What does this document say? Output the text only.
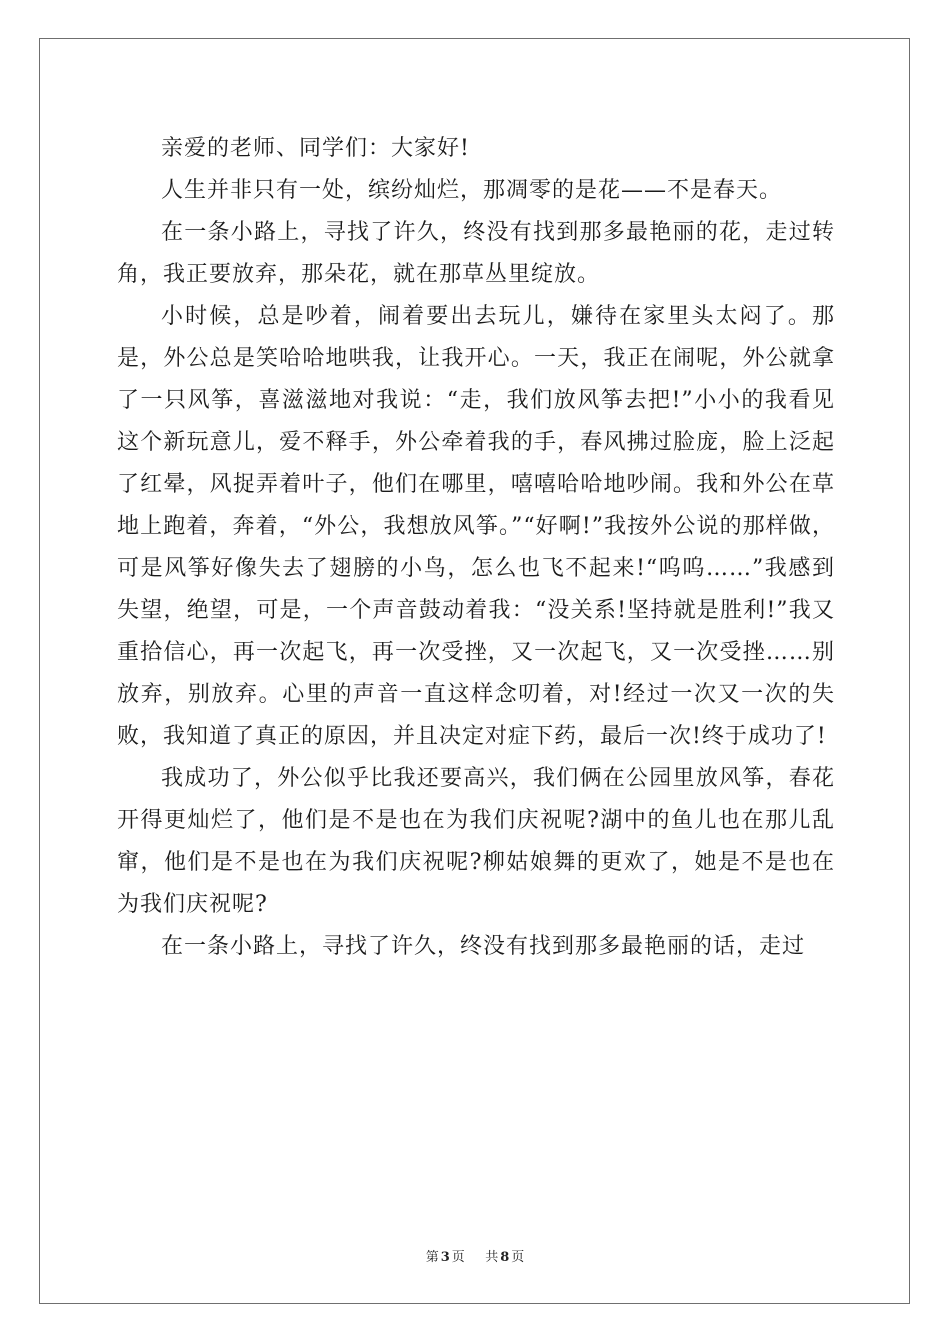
亲爱的老师、同学们：大家好!

人生并非只有一处，缤纷灿烂，那凋零的是花——不是春天。

在一条小路上，寻找了许久，终没有找到那多最艳丽的花，走过转角，我正要放弃，那朵花，就在那草丛里绽放。

小时候，总是吵着，闹着要出去玩儿，嫌待在家里头太闷了。那是，外公总是笑哈哈地哄我，让我开心。一天，我正在闹呢，外公就拿了一只风筝，喜滋滋地对我说：“走，我们放风筝去把!”小小的我看见这个新玩意儿，爱不释手，外公牵着我的手，春风拂过脸庞，脸上泛起了红晕，风捉弄着叶子，他们在哪里，嘻嘻哈哈地吵闹。我和外公在草地上跑着，奔着，“外公，我想放风筝。”“好啊!”我按外公说的那样做，可是风筝好像失去了翅膀的小鸟，怎么也飞不起来!“呜呜……”我感到失望，绝望，可是，一个声音鼓动着我：“没关系!坚持就是胜利!”我又重拾信心，再一次起飞，再一次受挫，又一次起飞，又一次受挫……别放弃，别放弃。心里的声音一直这样念叨着，对!经过一次又一次的失败，我知道了真正的原因，并且决定对症下药，最后一次!终于成功了!

我成功了，外公似乎比我还要高兴，我们俩在公园里放风筝，春花开得更灿烂了，他们是不是也在为我们庆祝呢?湖中的鱼儿也在那儿乱窜，他们是不是也在为我们庆祝呢?柳姑娘舞的更欢了，她是不是也在为我们庆祝呢?

在一条小路上，寻找了许久，终没有找到那多最艳丽的话，走过

第 3 页 共 8 页
